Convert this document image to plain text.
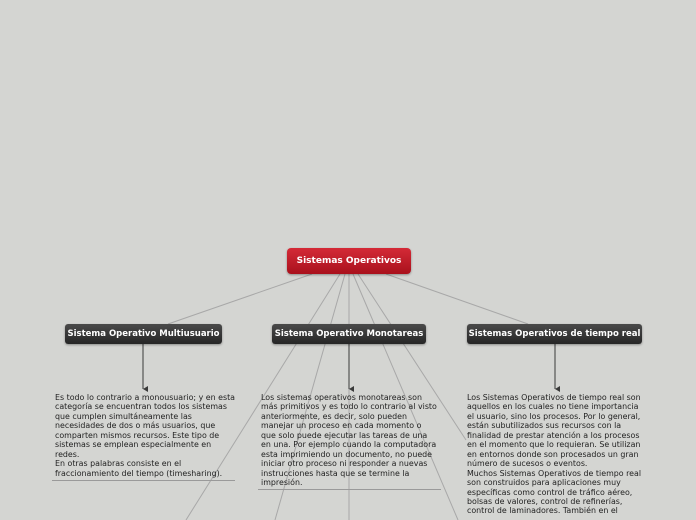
Sistemas Operativos
Sistema Operativo Multiusuario	Sistema Operativo Monotareas	Sistemas Operativos de tiempo real

Es todo lo contrario a monousuario; y en esta categoría se encuentran todos los sistemas que cumplen simultáneamente las necesidades de dos o más usuarios, que comparten mismos recursos. Este tipo de sistemas se emplean especialmente en redes.

En otras palabras consiste en el fraccionamiento del tiempo (timesharing).

Los sistemas operativos monotareas son más primitivos y es todo lo contrario al visto anteriormente, es decir, solo pueden manejar un proceso en cada momento o que solo puede ejecutar las tareas de una en una. Por ejemplo cuando la computadora esta imprimiendo un documento, no puede iniciar otro proceso ni responder a nuevas instrucciones hasta que se termine la impresión.

Los Sistemas Operativos de tiempo real son aquellos en los cuales no tiene importancia el usuario, sino los procesos. Por lo general, están subutilizados sus recursos con la finalidad de prestar atención a los procesos en el momento que lo requieran. Se utilizan en entornos donde son procesados un gran número de sucesos o eventos.

Muchos Sistemas Operativos de tiempo real son construidos para aplicaciones muy específicas como control de tráfico aéreo, bolsas de valores, control de refinerías, control de laminadores. También en el
